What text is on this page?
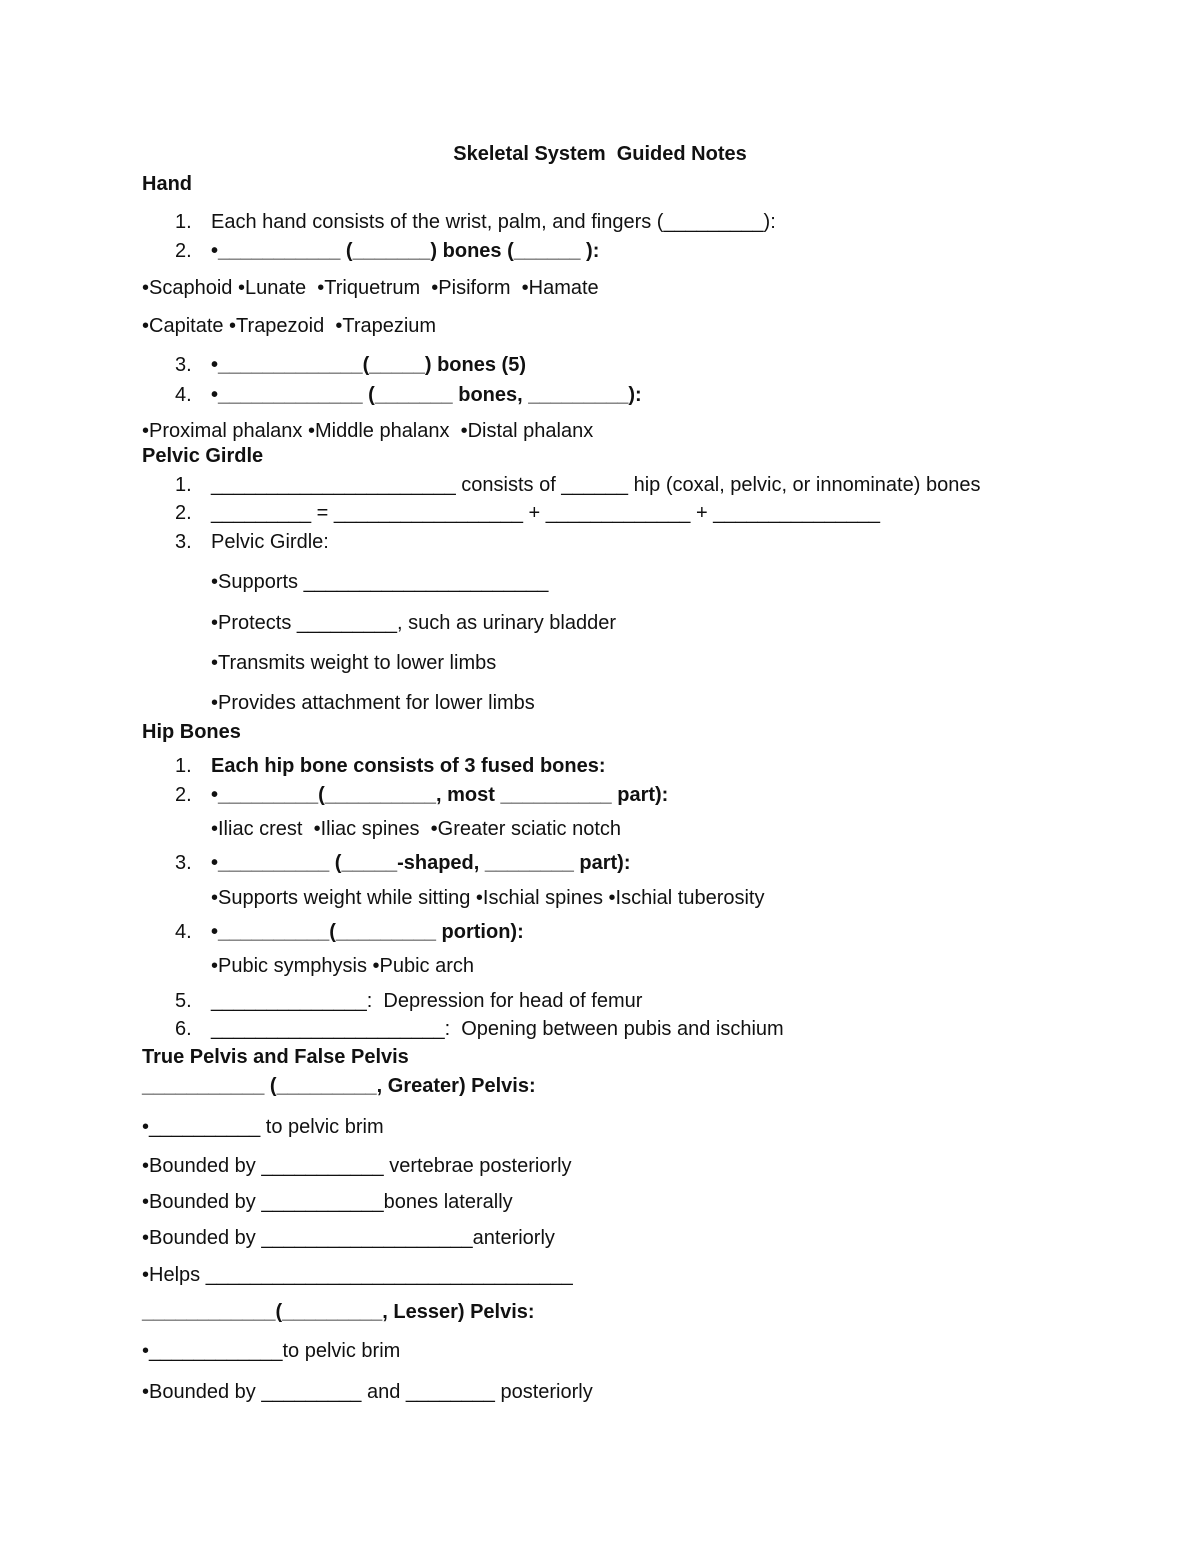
Skeletal System  Guided Notes
Hand
1. Each hand consists of the wrist, palm, and fingers (_________):
2. •___________ (_______) bones (______ ):
•Scaphoid •Lunate  •Triquetrum  •Pisiform  •Hamate
•Capitate •Trapezoid  •Trapezium
3. •_____________(_____) bones (5)
4. •_____________ (_______ bones, _________):
•Proximal phalanx •Middle phalanx  •Distal phalanx
Pelvic Girdle
1. ______________________ consists of ______ hip (coxal, pelvic, or innominate) bones
2. _________ = _________________ + _____________ + _______________
3. Pelvic Girdle:
•Supports ______________________
•Protects _________, such as urinary bladder
•Transmits weight to lower limbs
•Provides attachment for lower limbs
Hip Bones
1. Each hip bone consists of 3 fused bones:
2. •_________(__________, most __________ part):
•Iliac crest  •Iliac spines  •Greater sciatic notch
3. •__________ (_____-shaped, ________ part):
•Supports weight while sitting •Ischial spines •Ischial tuberosity
4. •__________(_________ portion):
•Pubic symphysis •Pubic arch
5. ______________:  Depression for head of femur
6. _____________________:  Opening between pubis and ischium
True Pelvis and False Pelvis
___________ (_________, Greater) Pelvis:
•__________ to pelvic brim
•Bounded by ___________ vertebrae posteriorly
•Bounded by ___________bones laterally
•Bounded by ___________________anteriorly
•Helps _________________________________
____________(_________, Lesser) Pelvis:
•____________to pelvic brim
•Bounded by _________ and ________ posteriorly
